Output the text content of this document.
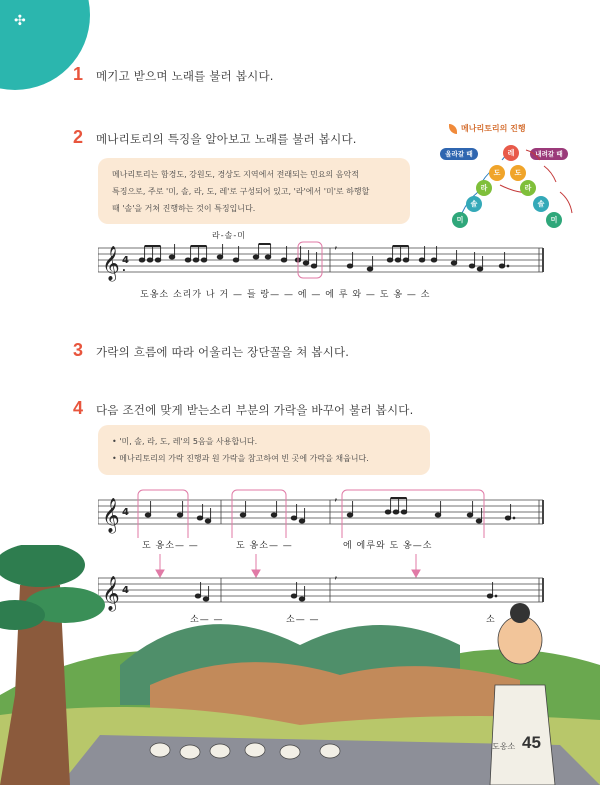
✣
1 메기고 받으며 노래를 불러 봅시다.
2 메나리토리의 특징을 알아보고 노래를 불러 봅시다.
메나리토리는 함경도, 강원도, 경상도 지역에서 전래되는 민요의 음악적
특징으로, 주로 '미, 솔, 라, 도, 레'로 구성되어 있고, '라'에서 '미'로 하행할
때 '솔'을 거쳐 진행하는 것이 특징입니다.
메나리토리의 진행
올라갈 때	내려갈 때
미
솔
라
도
레
도
라
솔
미
𝄞 4
.
,
라-솔-미
도옹소 소리가 나 거 — 들 랑— — 에 — 에 루 와 — 도 옹 — 소
3 가락의 흐름에 따라 어울리는 장단꼴을 쳐 봅시다.
4 다음 조건에 맞게 받는소리 부분의 가락을 바꾸어 불러 봅시다.
• '미, 솔, 라, 도, 레'의 5음을 사용합니다.
• 메나리토리의 가락 진행과 원 가락을 참고하여 빈 곳에 가락을 채웁니다.
𝄞 4
,
도 옹소— —	도 옹소— —	에 에루와 도 옹—소
𝄞 4
,
소— —	소— —	소
도옹소 45
